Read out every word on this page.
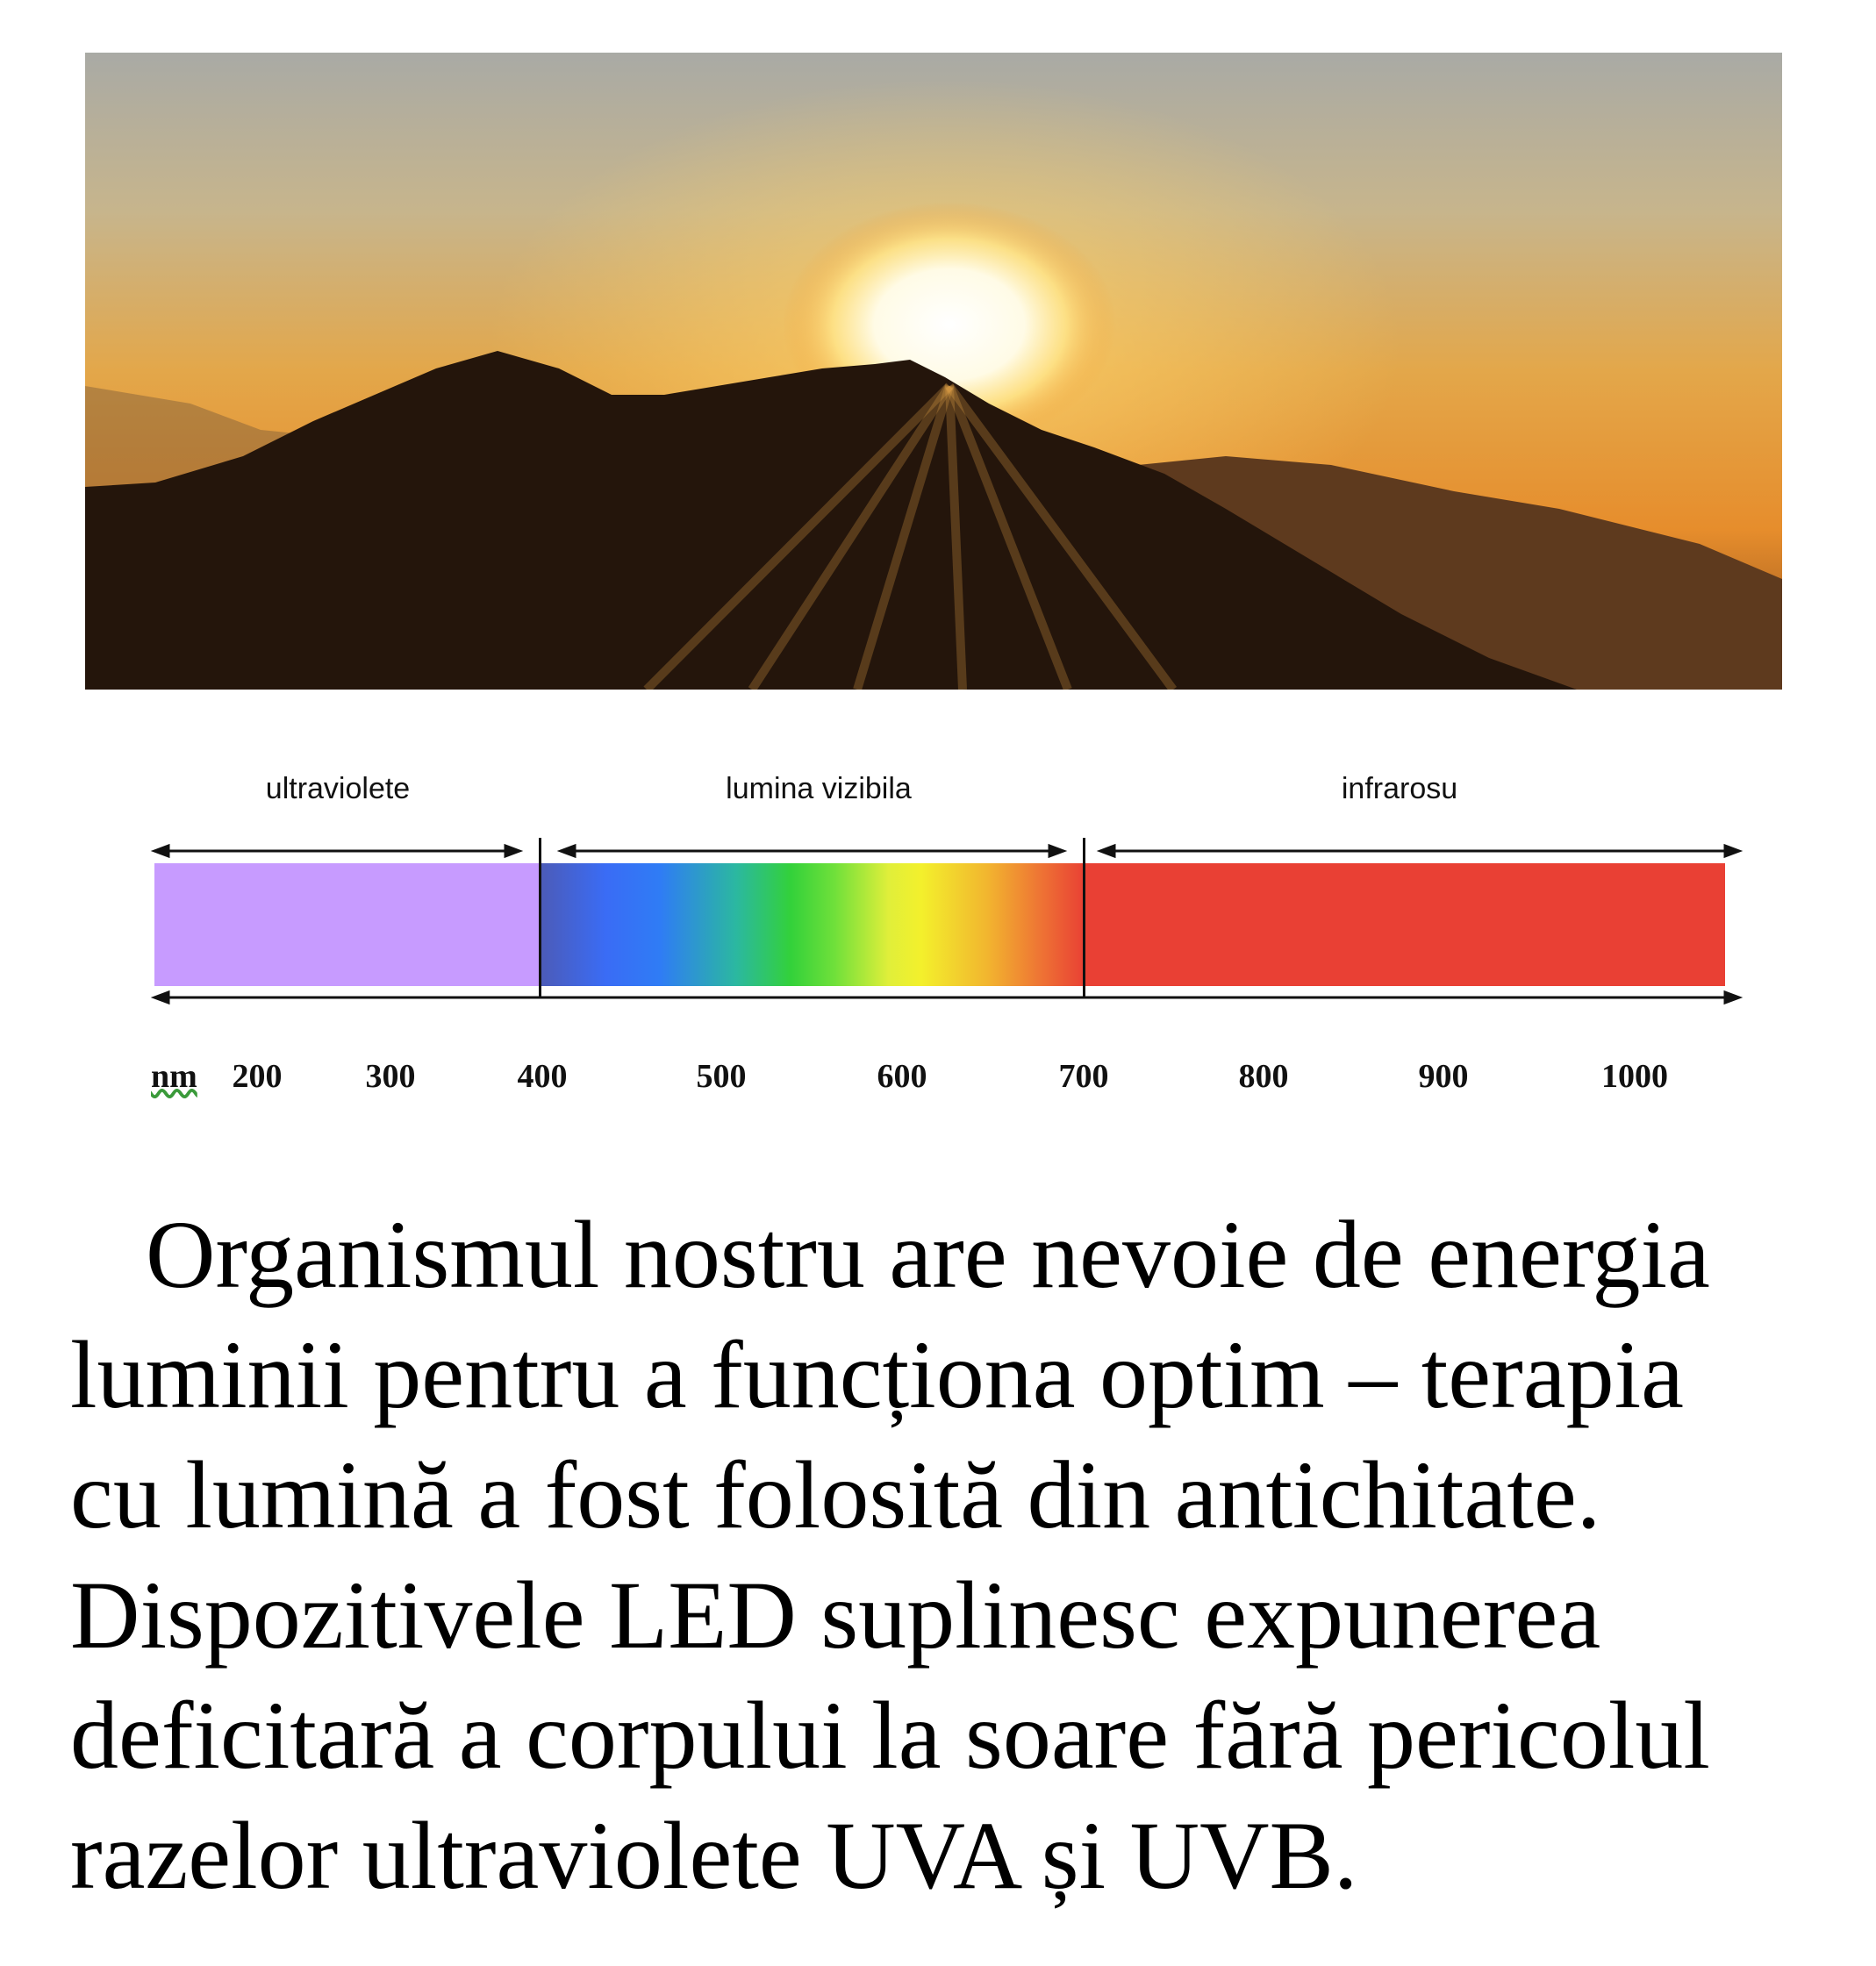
ultraviolete	lumina vizibila	infrarosu
nm 200	300	400	500	600	700	800	900	1000
Organismul nostru are nevoie de energia
luminii pentru a funcționa optim – terapia
cu lumină a fost folosită din antichitate.
Dispozitivele LED suplinesc expunerea
deficitară a corpului la soare fără pericolul
razelor ultraviolete UVA și UVB.
